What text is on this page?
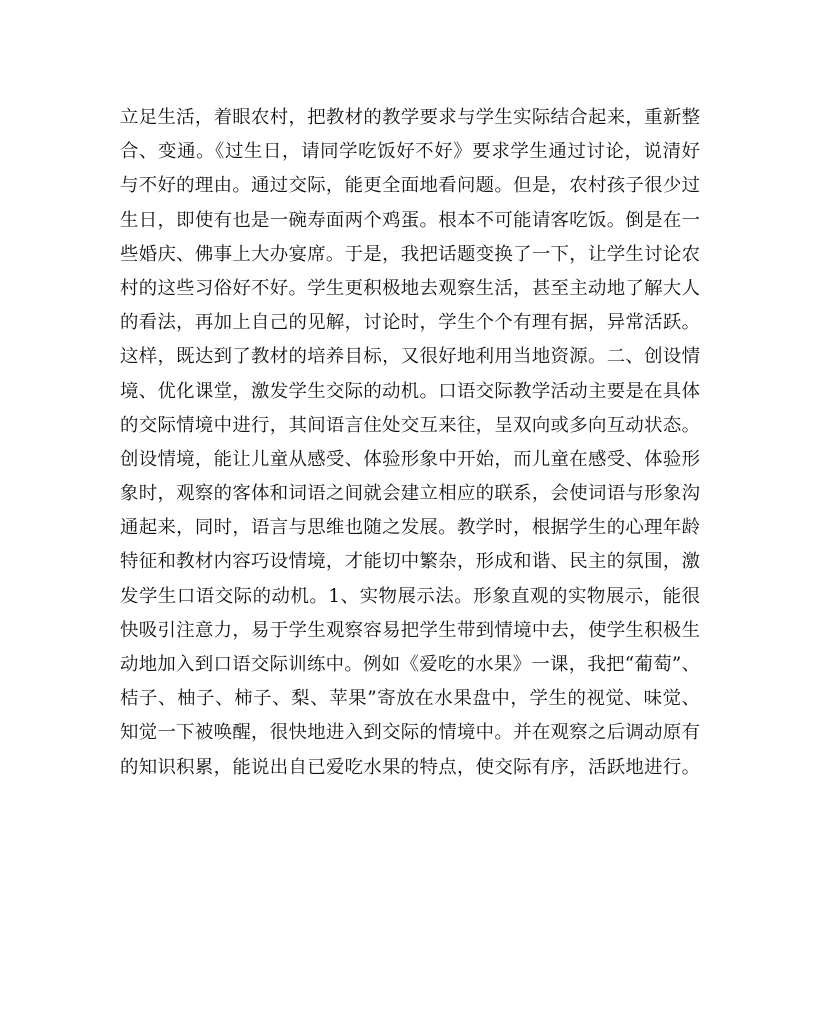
立足生活，着眼农村，把教材的教学要求与学生实际结合起来，重新整
合、变通。《过生日，请同学吃饭好不好》要求学生通过讨论，说清好
与不好的理由。通过交际，能更全面地看问题。但是，农村孩子很少过
生日，即使有也是一碗寿面两个鸡蛋。根本不可能请客吃饭。倒是在一
些婚庆、佛事上大办宴席。于是，我把话题变换了一下，让学生讨论农
村的这些习俗好不好。学生更积极地去观察生活，甚至主动地了解大人
的看法，再加上自己的见解，讨论时，学生个个有理有据，异常活跃。
这样，既达到了教材的培养目标，又很好地利用当地资源。二、创设情
境、优化课堂，激发学生交际的动机。口语交际教学活动主要是在具体
的交际情境中进行，其间语言住处交互来往，呈双向或多向互动状态。
创设情境，能让儿童从感受、体验形象中开始，而儿童在感受、体验形
象时，观察的客体和词语之间就会建立相应的联系，会使词语与形象沟
通起来，同时，语言与思维也随之发展。教学时，根据学生的心理年龄
特征和教材内容巧设情境，才能切中繁杂，形成和谐、民主的氛围，激
发学生口语交际的动机。1、实物展示法。形象直观的实物展示，能很
快吸引注意力，易于学生观察容易把学生带到情境中去，使学生积极生
动地加入到口语交际训练中。例如《爱吃的水果》一课，我把“葡萄”、
桔子、柚子、柿子、梨、苹果”寄放在水果盘中，学生的视觉、味觉、
知觉一下被唤醒，很快地进入到交际的情境中。并在观察之后调动原有
的知识积累，能说出自已爱吃水果的特点，使交际有序，活跃地进行。
